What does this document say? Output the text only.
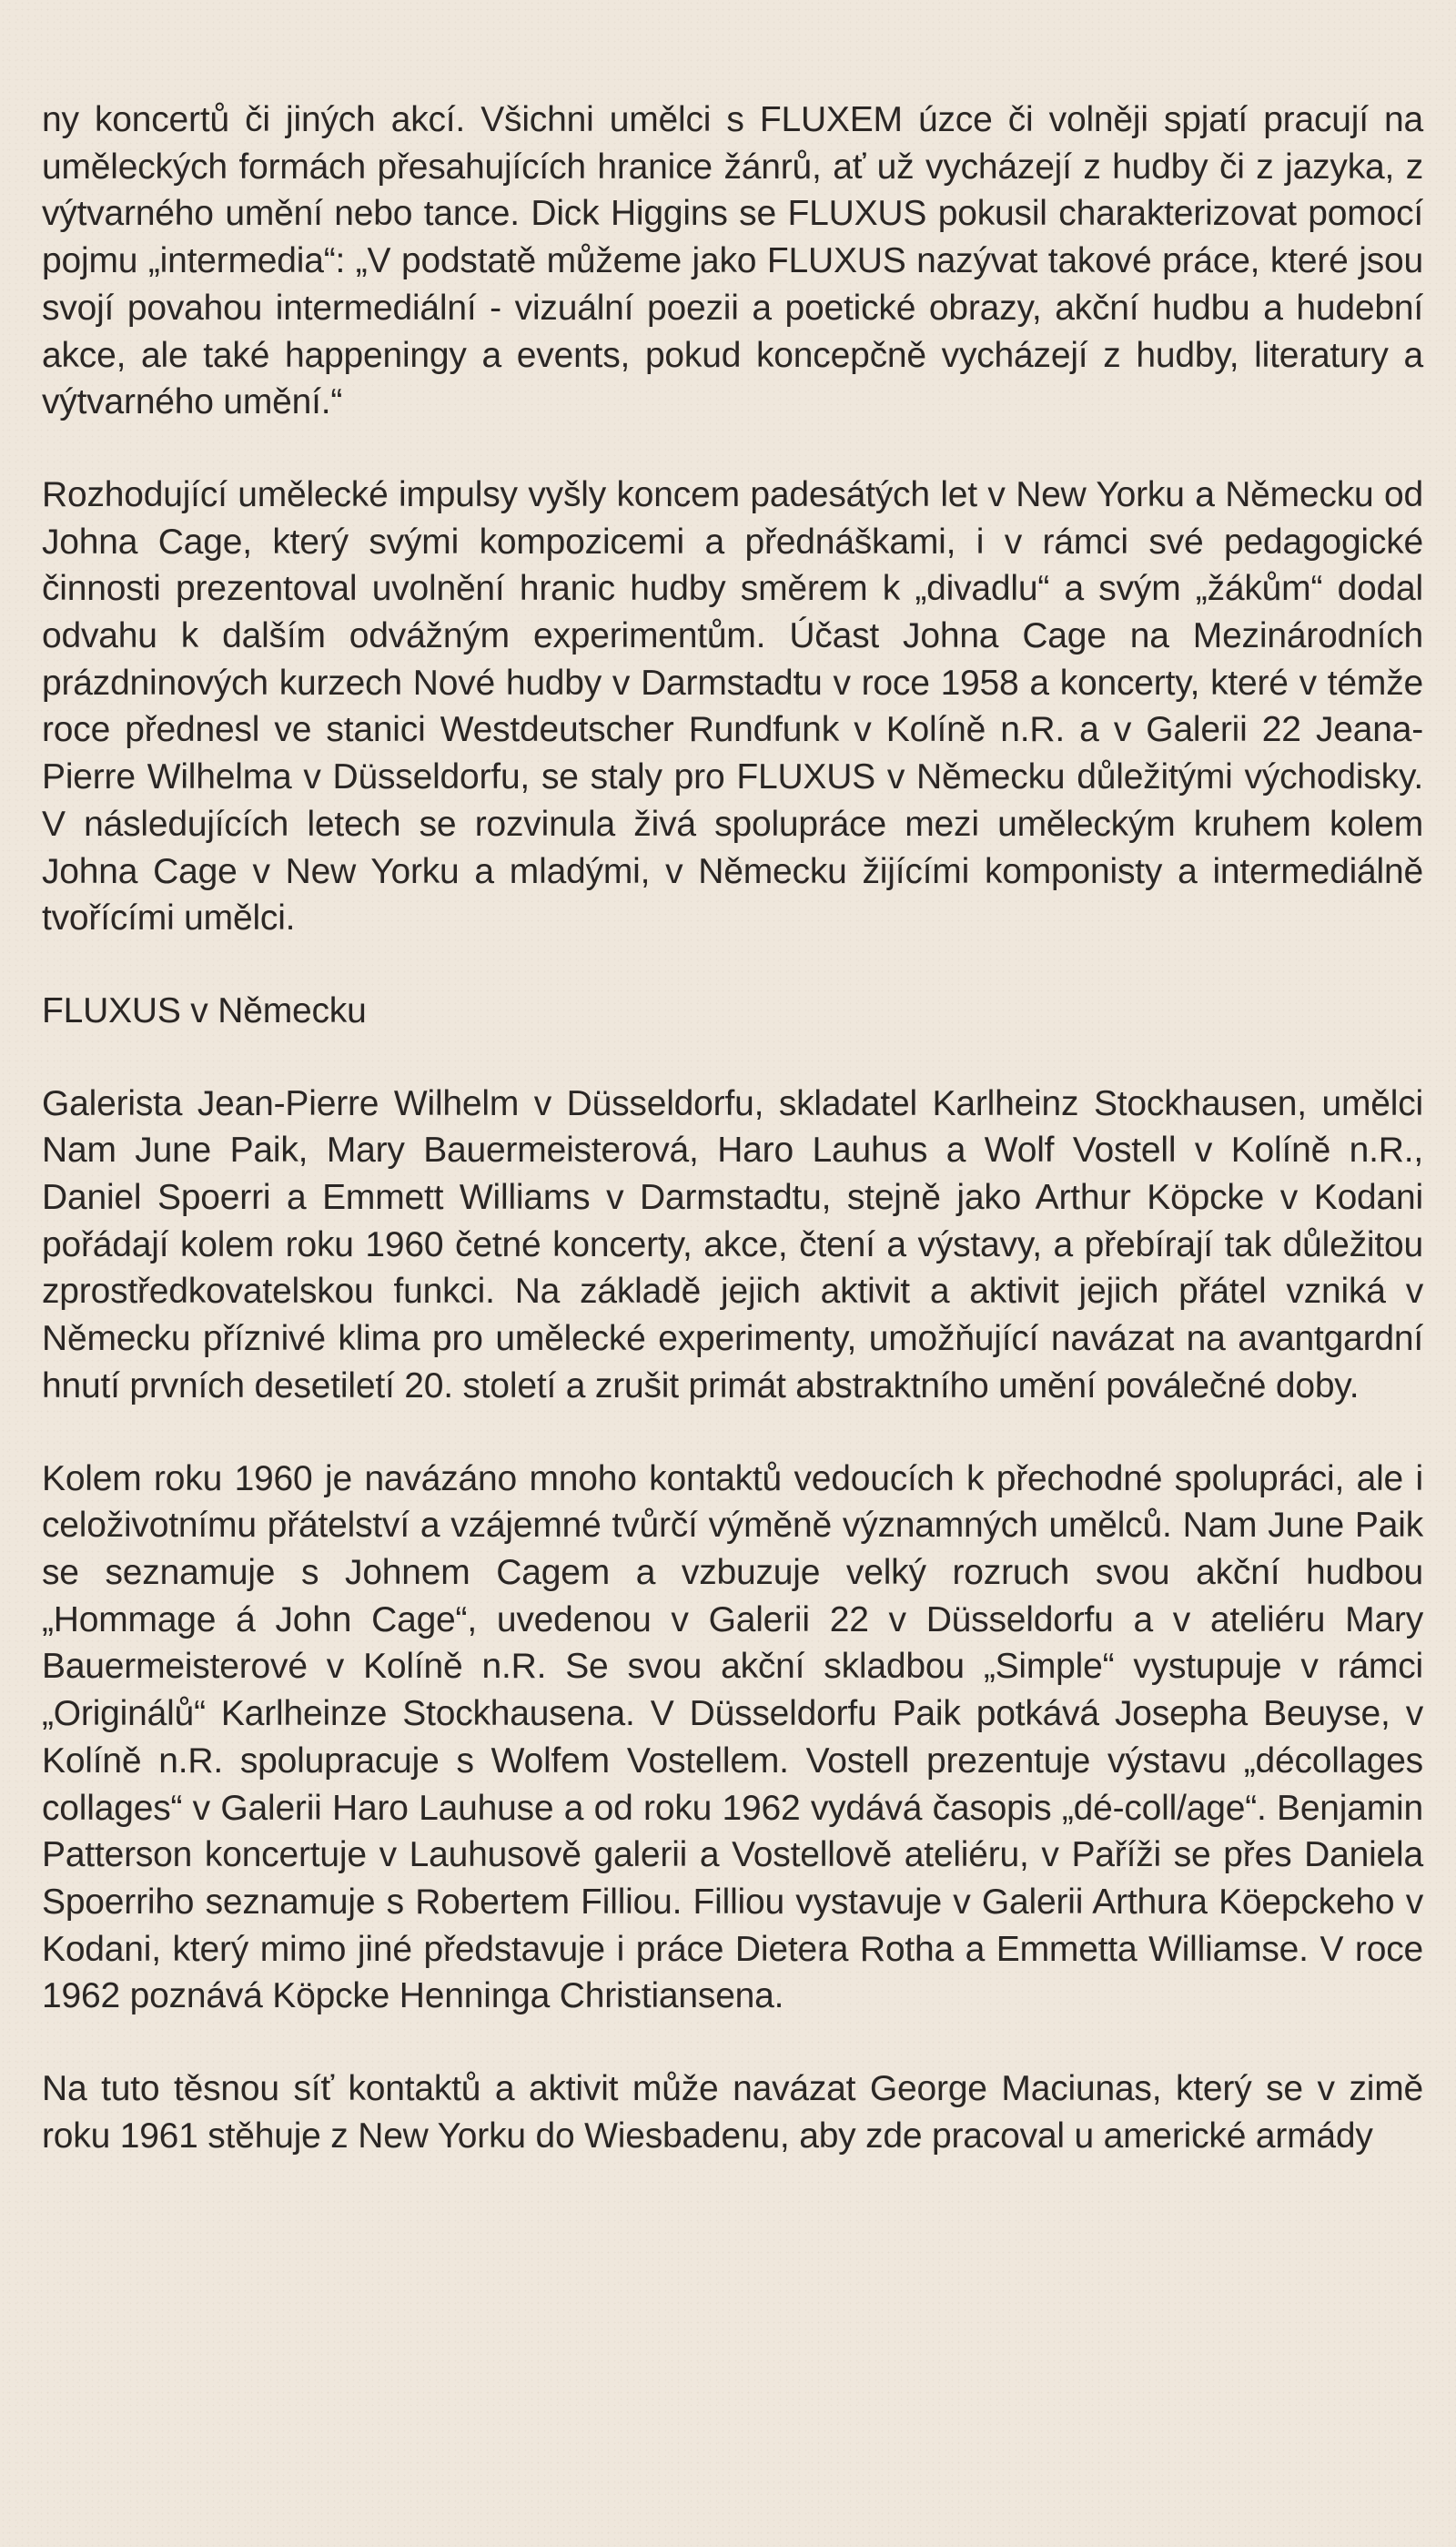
ny koncertů či jiných akcí. Všichni umělci s FLUXEM úzce či volněji spjatí pracují na uměleckých formách přesahujících hranice žánrů, ať už vycházejí z hudby či z jazyka, z výtvarného umění nebo tance. Dick Higgins se FLUXUS pokusil charakterizovat pomocí pojmu „intermedia“: „V podstatě můžeme jako FLUXUS nazývat takové práce, které jsou svojí povahou intermediální - vizuální poezii a poetické obrazy, akční hudbu a hudební akce, ale také happeningy a events, pokud koncepčně vycházejí z hudby, literatury a výtvarného umění.“

Rozhodující umělecké impulsy vyšly koncem padesátých let v New Yorku a Německu od Johna Cage, který svými kompozicemi a přednáškami, i v rámci své pedagogické činnosti prezentoval uvolnění hranic hudby směrem k „divadlu“ a svým „žákům“ dodal odvahu k dalším odvážným experimentům. Účast Johna Cage na Mezinárodních prázdninových kurzech Nové hudby v Darmstadtu v roce 1958 a koncerty, které v témže roce přednesl ve stanici Westdeutscher Rundfunk v Kolíně n.R. a v Galerii 22 Jeana-Pierre Wilhelma v Düsseldorfu, se staly pro FLUXUS v Německu důležitými východisky. V následujících letech se rozvinula živá spolupráce mezi uměleckým kruhem kolem Johna Cage v New Yorku a mladými, v Německu žijícími komponisty a intermediálně tvořícími umělci.

FLUXUS v Německu

Galerista Jean-Pierre Wilhelm v Düsseldorfu, skladatel Karlheinz Stockhausen, umělci Nam June Paik, Mary Bauermeisterová, Haro Lauhus a Wolf Vostell v Kolíně n.R., Daniel Spoerri a Emmett Williams v Darmstadtu, stejně jako Arthur Köpcke v Kodani pořádají kolem roku 1960 četné koncerty, akce, čtení a výstavy, a přebírají tak důležitou zprostředkovatelskou funkci. Na základě jejich aktivit a aktivit jejich přátel vzniká v Německu příznivé klima pro umělecké experimenty, umožňující navázat na avantgardní hnutí prvních desetiletí 20. století a zrušit primát abstraktního umění poválečné doby.

Kolem roku 1960 je navázáno mnoho kontaktů vedoucích k přechodné spolupráci, ale i celoživotnímu přátelství a vzájemné tvůrčí výměně významných umělců. Nam June Paik se seznamuje s Johnem Cagem a vzbuzuje velký rozruch svou akční hudbou „Hommage á John Cage“, uvedenou v Galerii 22 v Düsseldorfu a v ateliéru Mary Bauermeisterové v Kolíně n.R. Se svou akční skladbou „Simple“ vystupuje v rámci „Originálů“ Karlheinze Stockhausena. V Düsseldorfu Paik potkává Josepha Beuyse, v Kolíně n.R. spolupracuje s Wolfem Vostellem. Vostell prezentuje výstavu „décollages collages“ v Galerii Haro Lauhuse a od roku 1962 vydává časopis „dé-coll/age“. Benjamin Patterson koncertuje v Lauhusově galerii a Vostellově ateliéru, v Paříži se přes Daniela Spoerriho seznamuje s Robertem Filliou. Filliou vystavuje v Galerii Arthura Köepckeho v Kodani, který mimo jiné představuje i práce Dietera Rotha a Emmetta Williamse. V roce 1962 poznává Köpcke Henninga Christiansena.

Na tuto těsnou síť kontaktů a aktivit může navázat George Maciunas, který se v zimě roku 1961 stěhuje z New Yorku do Wiesbadenu, aby zde pracoval u americké armády
